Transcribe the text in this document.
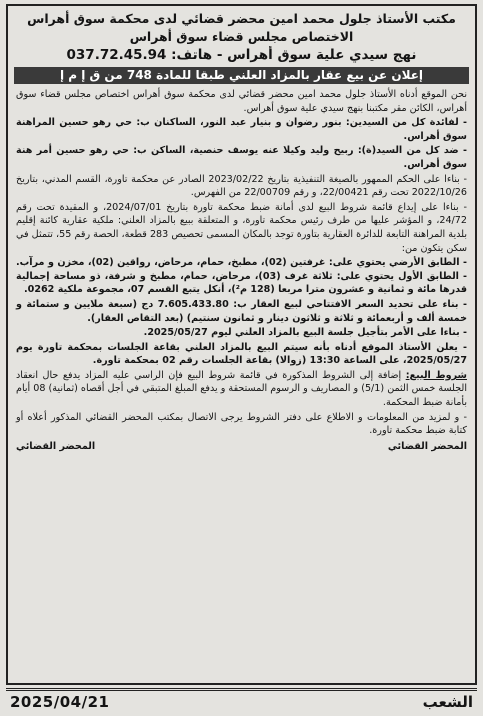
مكتب الأستاذ جلول محمد امين محضر قضائي لدى محكمة سوق أهراس
الاختصاص مجلس قضاء سوق أهراس
نهج سيدي علية سوق أهراس - هاتف: 037.72.45.94
إعلان عن بيع عقار بالمزاد العلني طبقا للمادة 748 من ق إ م إ

نحن الموقع أدناه الأستاذ جلول محمد امين محضر قضائي لدى محكمة سوق أهراس اختصاص مجلس قضاء سوق أهراس، الكائن مقر مكتبنا بنهج سيدي علية سوق أهراس.

- لفائدة كل من السيدين: بنور رضوان و بنيار عبد النور، الساكنان ب: حي رهو حسين المراهنة سوق أهراس.

- ضد كل من السيد(ة): ربيح وليد وكيلا عنه يوسف حنصية، الساكن ب: حي رهو حسين أمر هنة سوق أهراس.

- بناءا على الحكم الممهور بالصيغة التنفيذية بتاريخ 2023/02/22 الصادر عن محكمة تاورة، القسم المدني، بتاريخ 2022/10/26 تحت رقم 22/00421، و رقم 22/00709 من الفهرس.

- بناءا على إيداع قائمة شروط البيع لدى أمانة ضبط محكمة تاورة بتاريخ 2024/07/01، و المقيدة تحت رقم 24/72، و المؤشر عليها من طرف رئيس محكمة تاورة، و المتعلقة ببيع بالمزاد العلني: ملكية عقارية كائنة إقليم بلدية المراهنة التابعة للدائرة العقارية بتاورة توجد بالمكان المسمى تحصيص 283 قطعة، الحصة رقم 55، تتمثل في سكن يتكون من:

- الطابق الأرضي يحتوي على: غرفتين (02)، مطبخ، حمام، مرحاض، رواقين (02)، مخزن و مرآب. - الطابق الأول يحتوي على: ثلاثة غرف (03)، مرحاض، حمام، مطبخ و شرفة، ذو مساحة إجمالية قدرها مائة و ثمانية و عشرون مترا مربعا (128 م²)، أنكل يتبع القسم 07، مجموعة ملكية 0262.

- بناء على تحديد السعر الافتتاحي لبيع العقار ب: 7.605.433.80 دج (سبعة ملايين و ستمائة و خمسة ألف و أربعمائة و ثلاثة و ثلاثون دينار و ثمانون سنتيم) (بعد التقاص العقار).

- بناءا على الأمر بتأجيل جلسة البيع بالمزاد العلني ليوم 2025/05/27.

- يعلن الأستاذ الموقع أدناه بأنه سيتم البيع بالمزاد العلني بقاعة الجلسات بمحكمة تاورة يوم 2025/05/27، على الساعة 13:30 (زوالا) بقاعة الجلسات رقم 02 بمحكمة تاورة.

شروط البيع: إضافة إلى الشروط المذكورة في قائمة شروط البيع فإن الراسي عليه المزاد يدفع حال انعقاد الجلسة خمس الثمن (5/1) و المصاريف و الرسوم المستحقة و يدفع المبلغ المتبقي في أجل أقصاه (ثمانية) 08 أيام بأمانة ضبط المحكمة.

- و لمزيد من المعلومات و الاطلاع على دفتر الشروط يرجى الاتصال بمكتب المحضر القضائي المذكور أعلاه أو كتابة ضبط محكمة تاورة.

المحضر القضائي
المحضر القضائي
الشعب
2025/04/21
